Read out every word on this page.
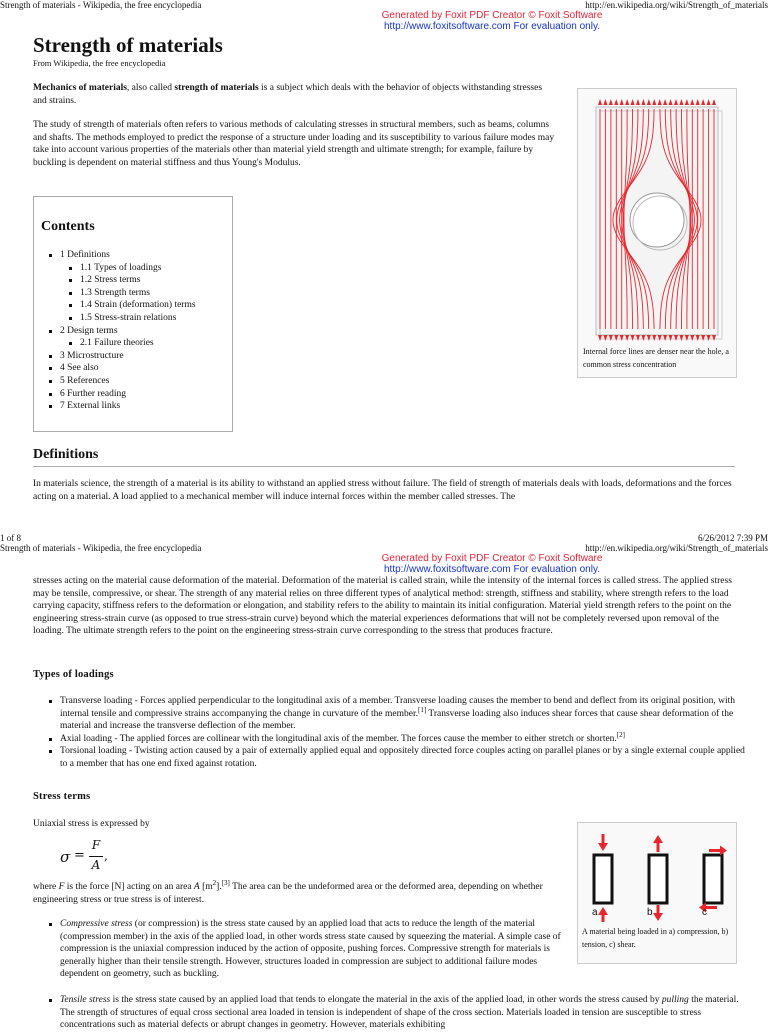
Strength of materials - Wikipedia, the free encyclopedia	http://en.wikipedia.org/wiki/Strength_of_materials
Generated by Foxit PDF Creator © Foxit Software
http://www.foxitsoftware.com For evaluation only.
Strength of materials
From Wikipedia, the free encyclopedia
Mechanics of materials, also called strength of materials is a subject which deals with the behavior of objects withstanding stresses and strains.
The study of strength of materials often refers to various methods of calculating stresses in structural members, such as beams, columns and shafts. The methods employed to predict the response of a structure under loading and its susceptibility to various failure modes may take into account various properties of the materials other than material yield strength and ultimate strength; for example, failure by buckling is dependent on material stiffness and thus Young's Modulus.
Contents
1 Definitions
1.1 Types of loadings
1.2 Stress terms
1.3 Strength terms
1.4 Strain (deformation) terms
1.5 Stress-strain relations
2 Design terms
2.1 Failure theories
3 Microstructure
4 See also
5 References
6 Further reading
7 External links
Internal force lines are denser near the hole, a common stress concentration
Definitions
In materials science, the strength of a material is its ability to withstand an applied stress without failure. The field of strength of materials deals with loads, deformations and the forces acting on a material. A load applied to a mechanical member will induce internal forces within the member called stresses. The
1 of 8	6/26/2012 7:39 PM
Strength of materials - Wikipedia, the free encyclopedia	http://en.wikipedia.org/wiki/Strength_of_materials
Generated by Foxit PDF Creator © Foxit Software
http://www.foxitsoftware.com For evaluation only.
stresses acting on the material cause deformation of the material. Deformation of the material is called strain, while the intensity of the internal forces is called stress. The applied stress may be tensile, compressive, or shear. The strength of any material relies on three different types of analytical method: strength, stiffness and stability, where strength refers to the load carrying capacity, stiffness refers to the deformation or elongation, and stability refers to the ability to maintain its initial configuration. Material yield strength refers to the point on the engineering stress-strain curve (as opposed to true stress-strain curve) beyond which the material experiences deformations that will not be completely reversed upon removal of the loading. The ultimate strength refers to the point on the engineering stress-strain curve corresponding to the stress that produces fracture.
Types of loadings
Transverse loading - Forces applied perpendicular to the longitudinal axis of a member. Transverse loading causes the member to bend and deflect from its original position, with internal tensile and compressive strains accompanying the change in curvature of the member.[1] Transverse loading also induces shear forces that cause shear deformation of the material and increase the transverse deflection of the member.
Axial loading - The applied forces are collinear with the longitudinal axis of the member. The forces cause the member to either stretch or shorten.[2]
Torsional loading - Twisting action caused by a pair of externally applied equal and oppositely directed force couples acting on parallel planes or by a single external couple applied to a member that has one end fixed against rotation.
Stress terms
Uniaxial stress is expressed by
σ =
F
A
,
where F is the force [N] acting on an area A $[m^2].[3]$ The area can be the undeformed area or the deformed area, depending on whether engineering stress or true stress is of interest.
Compressive stress (or compression) is the stress state caused by an applied load that acts to reduce the length of the material (compression member) in the axis of the applied load, in other words stress state caused by squeezing the material. A simple case of compression is the uniaxial compression induced by the action of opposite, pushing forces. Compressive strength for materials is generally higher than their tensile strength. However, structures loaded in compression are subject to additional failure modes dependent on geometry, such as buckling.
Tensile stress is the stress state caused by an applied load that tends to elongate the material in the axis of the applied load, in other words the stress caused by pulling the material. The strength of structures of equal cross sectional area loaded in tension is independent of shape of the cross section. Materials loaded in tension are susceptible to stress concentrations such as material defects or abrupt changes in geometry. However, materials exhibiting
a	b	c
A material being loaded in a) compression, b) tension, c) shear.
